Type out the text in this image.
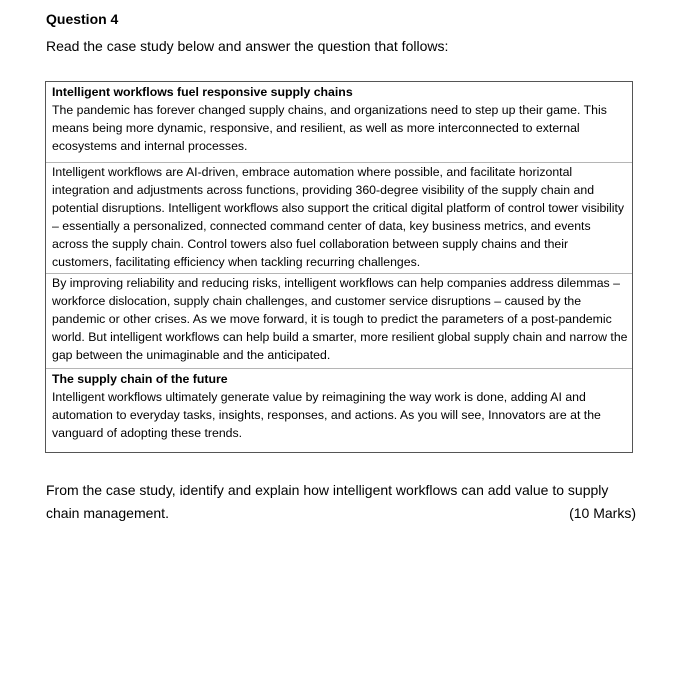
Question 4
Read the case study below and answer the question that follows:
Intelligent workflows fuel responsive supply chains
The pandemic has forever changed supply chains, and organizations need to step up their game. This means being more dynamic, responsive, and resilient, as well as more interconnected to external ecosystems and internal processes.
Intelligent workflows are AI-driven, embrace automation where possible, and facilitate horizontal integration and adjustments across functions, providing 360-degree visibility of the supply chain and potential disruptions. Intelligent workflows also support the critical digital platform of control tower visibility – essentially a personalized, connected command center of data, key business metrics, and events across the supply chain. Control towers also fuel collaboration between supply chains and their customers, facilitating efficiency when tackling recurring challenges.
By improving reliability and reducing risks, intelligent workflows can help companies address dilemmas – workforce dislocation, supply chain challenges, and customer service disruptions – caused by the pandemic or other crises. As we move forward, it is tough to predict the parameters of a post-pandemic world. But intelligent workflows can help build a smarter, more resilient global supply chain and narrow the gap between the unimaginable and the anticipated.
The supply chain of the future
Intelligent workflows ultimately generate value by reimagining the way work is done, adding AI and automation to everyday tasks, insights, responses, and actions. As you will see, Innovators are at the vanguard of adopting these trends.
From the case study, identify and explain how intelligent workflows can add value to supply chain management.	(10 Marks)
